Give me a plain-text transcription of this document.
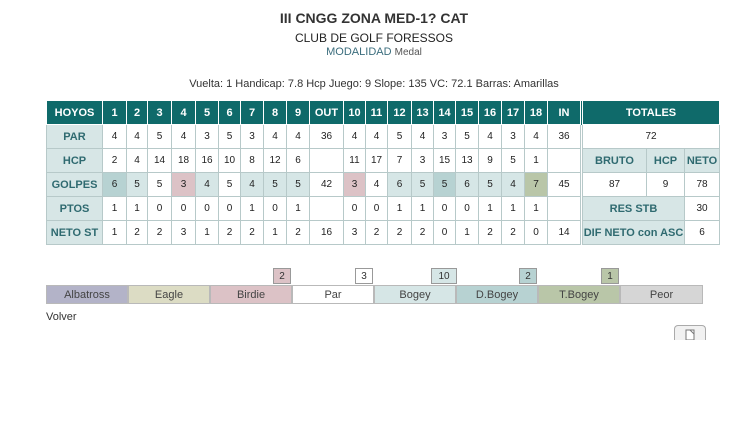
III CNGG ZONA MED-1? CAT
CLUB DE GOLF FORESSOS
MODALIDAD Medal
Vuelta: 1 Handicap: 7.8 Hcp Juego: 9 Slope: 135 VC: 72.1 Barras: Amarillas
HOYOS	1	2	3	4	5	6	7	8	9	OUT	10	11	12	13	14	15	16	17	18	IN		TOTALES		
PAR	4	4	5	4	3	5	3	4	4	36	4	4	5	4	3	5	4	3	4	36		72		
HCP	2	4	14	18	16	10	8	12	6		11	17	7	3	15	13	9	5	1			BRUTO	HCP	NETO
GOLPES	6	5	5	3	4	5	4	5	5	42	3	4	6	5	5	6	5	4	7	45		87	9	78
PTOS	1	1	0	0	0	0	1	0	1		0	0	1	1	0	0	1	1	1			RES STB		30
NETO ST	1	2	2	3	1	2	2	1	2	16	3	2	2	2	0	1	2	2	0	14		DIF NETO con ASC		6
2	3	10	2	1
Albatross	Eagle	Birdie	Par	Bogey	D.Bogey	T.Bogey	Peor
Volver
